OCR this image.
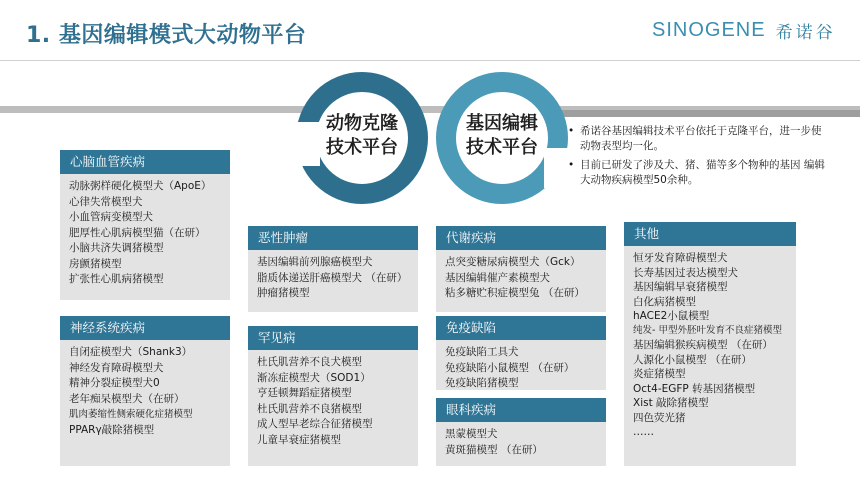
1. 基因编辑模式大动物平台	SINOGENE 希诺谷
动物克隆
技术平台
基因编辑
技术平台
• 希诺谷基因编辑技术平台依托于克隆平台，进一步使动物表型均一化。
• 目前已研发了涉及犬、猪、猫等多个物种的基因 编辑大动物疾病模型50余种。
心脑血管疾病
动脉粥样硬化模型犬（ApoE）
心律失常模型犬
小血管病变模型犬
肥厚性心肌病模型猫（在研）
小脑共济失调猪模型
房颤猪模型
扩张性心肌病猪模型
神经系统疾病
自闭症模型犬（Shank3）
神经发育障碍模型犬
精神分裂症模型犬0
老年痴呆模型犬（在研）
肌肉萎缩性侧索硬化症猪模型
PPARγ敲除猪模型
恶性肿瘤
基因编辑前列腺癌模型犬
脂质体递送肝癌模型犬 （在研）
肿瘤猪模型
罕见病
杜氏肌营养不良犬模型
渐冻症模型犬（SOD1）
亨廷顿舞蹈症猪模型
杜氏肌营养不良猪模型
成人型早老综合征猪模型
儿童早衰症猪模型
代谢疾病
点突变糖尿病模型犬（Gck）
基因编辑催产素模型犬
粘多糖贮积症模型兔 （在研）
免疫缺陷
免疫缺陷工具犬
免疫缺陷小鼠模型 （在研）
免疫缺陷猪模型
眼科疾病
黑蒙模型犬
黄斑猫模型 （在研）
其他
恒牙发育障碍模型犬
长寿基因过表达模型犬
基因编辑早衰猪模型
白化病猪模型
hACE2小鼠模型
纯发- 甲型外胚叶发育不良症猪模型
基因编辑猴疾病模型 （在研）
人源化小鼠模型 （在研）
炎症猪模型
Oct4-EGFP 转基因猪模型
Xist 敲除猪模型
四色荧光猪
……
